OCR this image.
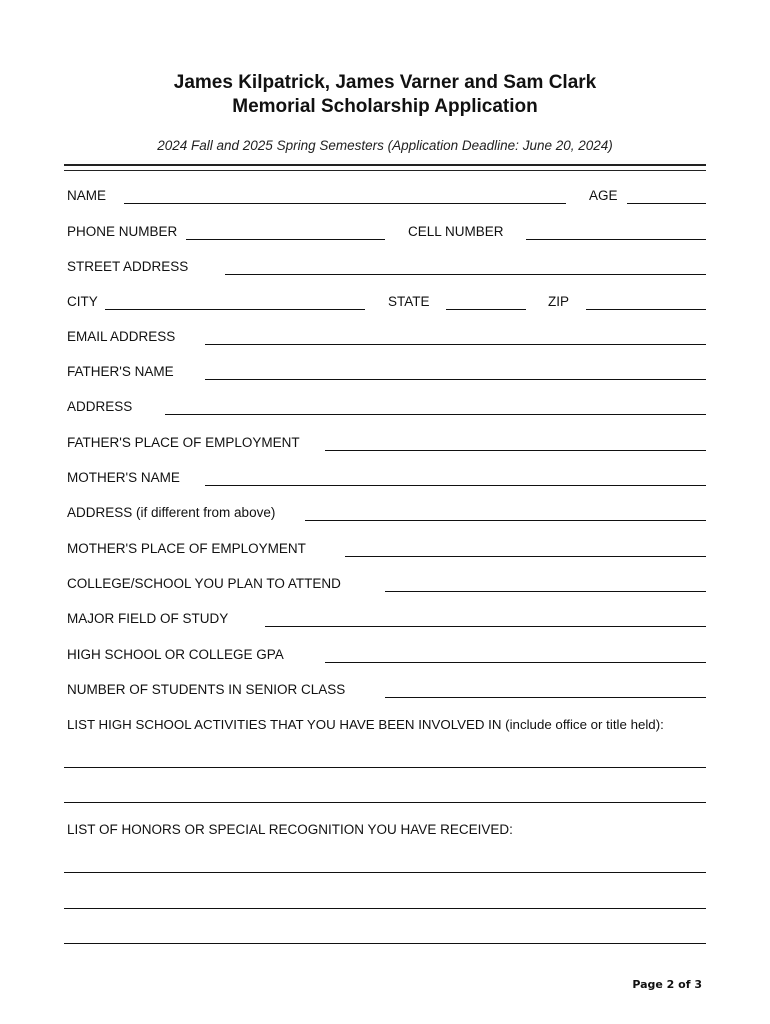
James Kilpatrick, James Varner and Sam Clark
Memorial Scholarship Application
2024 Fall and 2025 Spring Semesters (Application Deadline: June 20, 2024)
NAME	AGE
PHONE NUMBER	CELL NUMBER
STREET ADDRESS
CITY	STATE	ZIP
EMAIL ADDRESS
FATHER'S NAME
ADDRESS
FATHER'S PLACE OF EMPLOYMENT
MOTHER'S NAME
ADDRESS (if different from above)
MOTHER'S PLACE OF EMPLOYMENT
COLLEGE/SCHOOL YOU PLAN TO ATTEND
MAJOR FIELD OF STUDY
HIGH SCHOOL OR COLLEGE GPA
NUMBER OF STUDENTS IN SENIOR CLASS
LIST HIGH SCHOOL ACTIVITIES THAT YOU HAVE BEEN INVOLVED IN (include office or title held):
LIST OF HONORS OR SPECIAL RECOGNITION YOU HAVE RECEIVED:
Page 2 of 3
